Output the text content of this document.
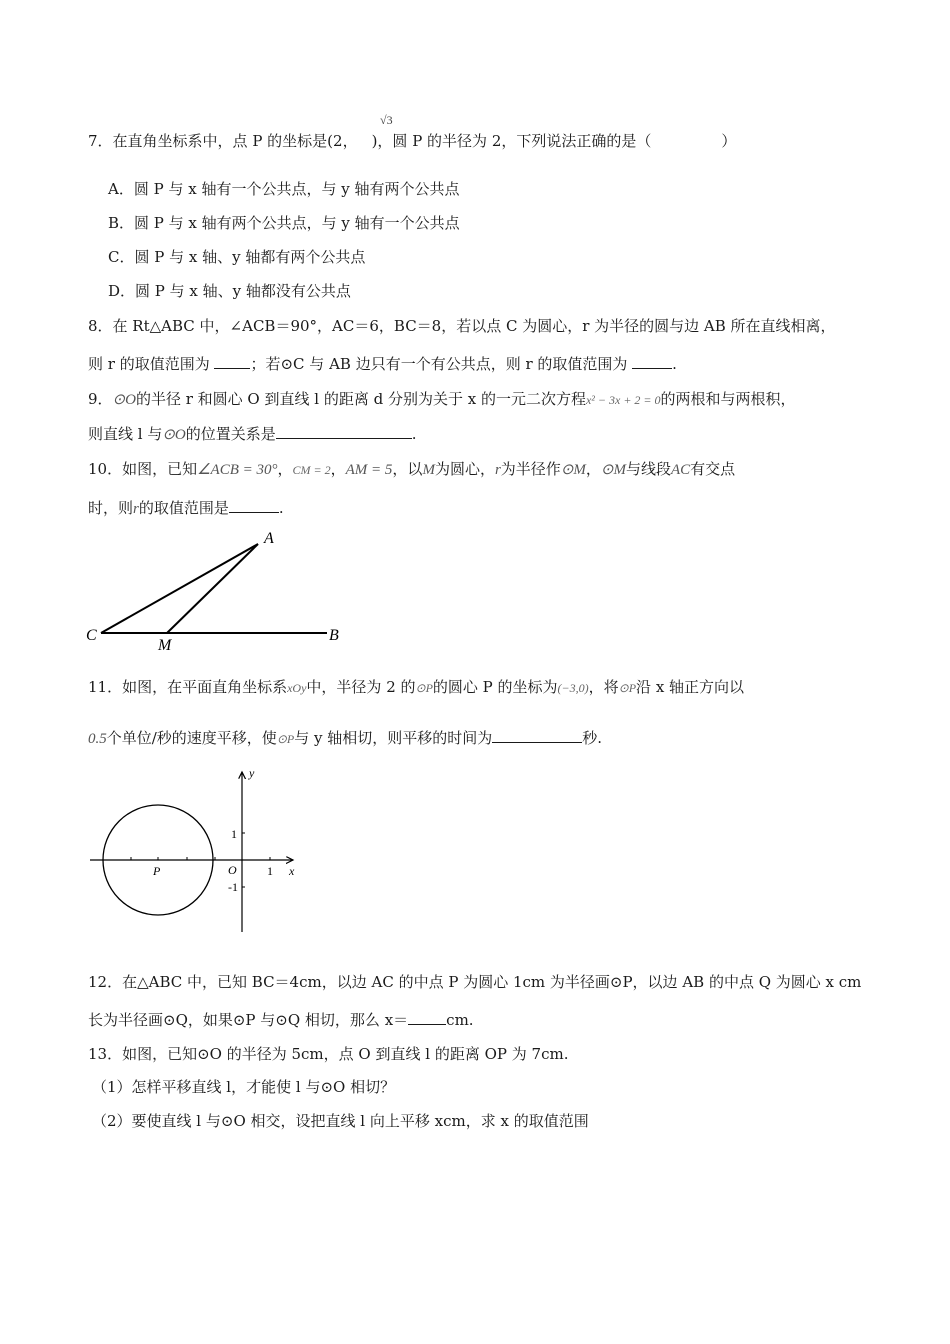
7．在直角坐标系中，点 P 的坐标是(2， )，圆 P 的半径为 2，下列说法正确的是（	）
√3
A．圆 P 与 x 轴有一个公共点，与 y 轴有两个公共点
B．圆 P 与 x 轴有两个公共点，与 y 轴有一个公共点
C．圆 P 与 x 轴、y 轴都有两个公共点
D．圆 P 与 x 轴、y 轴都没有公共点
8．在 Rt△ABC 中，∠ACB＝90°，AC＝6，BC＝8，若以点 C 为圆心，r 为半径的圆与边 AB 所在直线相离，
则 r 的取值范围为 ；若⊙C 与 AB 边只有一个有公共点，则 r 的取值范围为	.
9．⊙O的半径 r 和圆心 O 到直线 l 的距离 d 分别为关于 x 的一元二次方程x² − 3x + 2 = 0的两根和与两根积，
则直线 l 与⊙O的位置关系是	.
10．如图，已知∠ACB = 30°，CM = 2，AM = 5，以M为圆心，r为半径作⊙M，⊙M与线段AC有交点
时，则r的取值范围是	.
A
C
M
B
11．如图，在平面直角坐标系xOy中，半径为 2 的⊙P的圆心 P 的坐标为(−3,0)，将⊙P沿 x 轴正方向以
0.5个单位/秒的速度平移，使⊙P与 y 轴相切，则平移的时间为	秒.
y
x
O
P
1
-1
1
12．在△ABC 中，已知 BC＝4cm，以边 AC 的中点 P 为圆心 1cm 为半径画⊙P，以边 AB 的中点 Q 为圆心 x cm
长为半径画⊙Q，如果⊙P 与⊙Q 相切，那么 x＝	cm.
13．如图，已知⊙O 的半径为 5cm，点 O 到直线 l 的距离 OP 为 7cm.
（1）怎样平移直线 l，才能使 l 与⊙O 相切？
（2）要使直线 l 与⊙O 相交，设把直线 l 向上平移 xcm，求 x 的取值范围
